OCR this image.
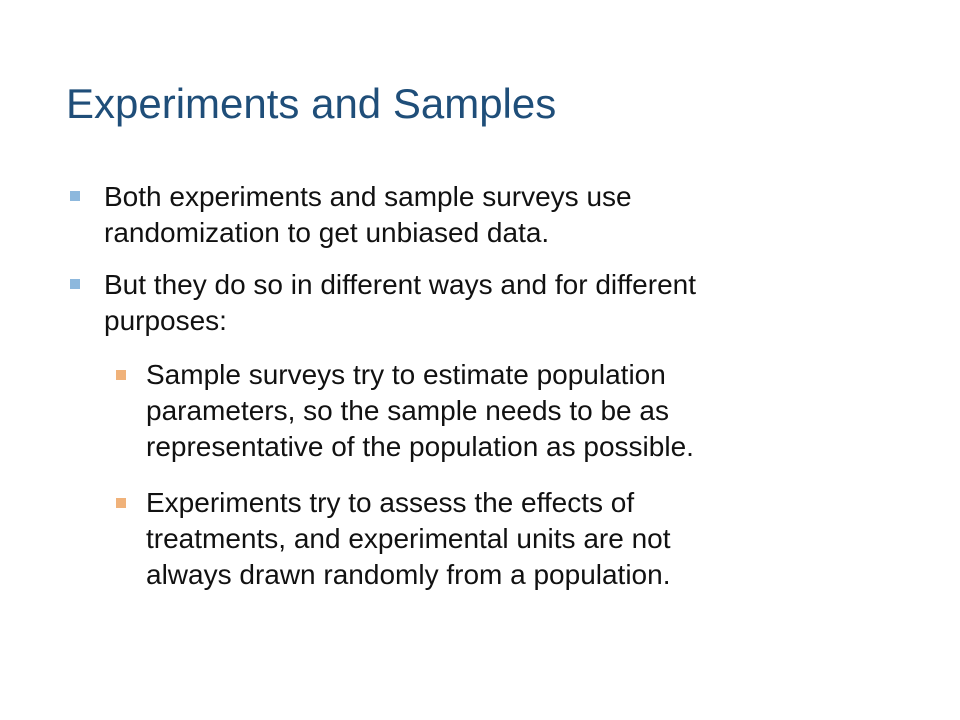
Experiments and Samples
Both experiments and sample surveys use
randomization to get unbiased data.
But they do so in different ways and for different
purposes:
Sample surveys try to estimate population
parameters, so the sample needs to be as
representative of the population as possible.
Experiments try to assess the effects of
treatments, and experimental units are not
always drawn randomly from a population.
